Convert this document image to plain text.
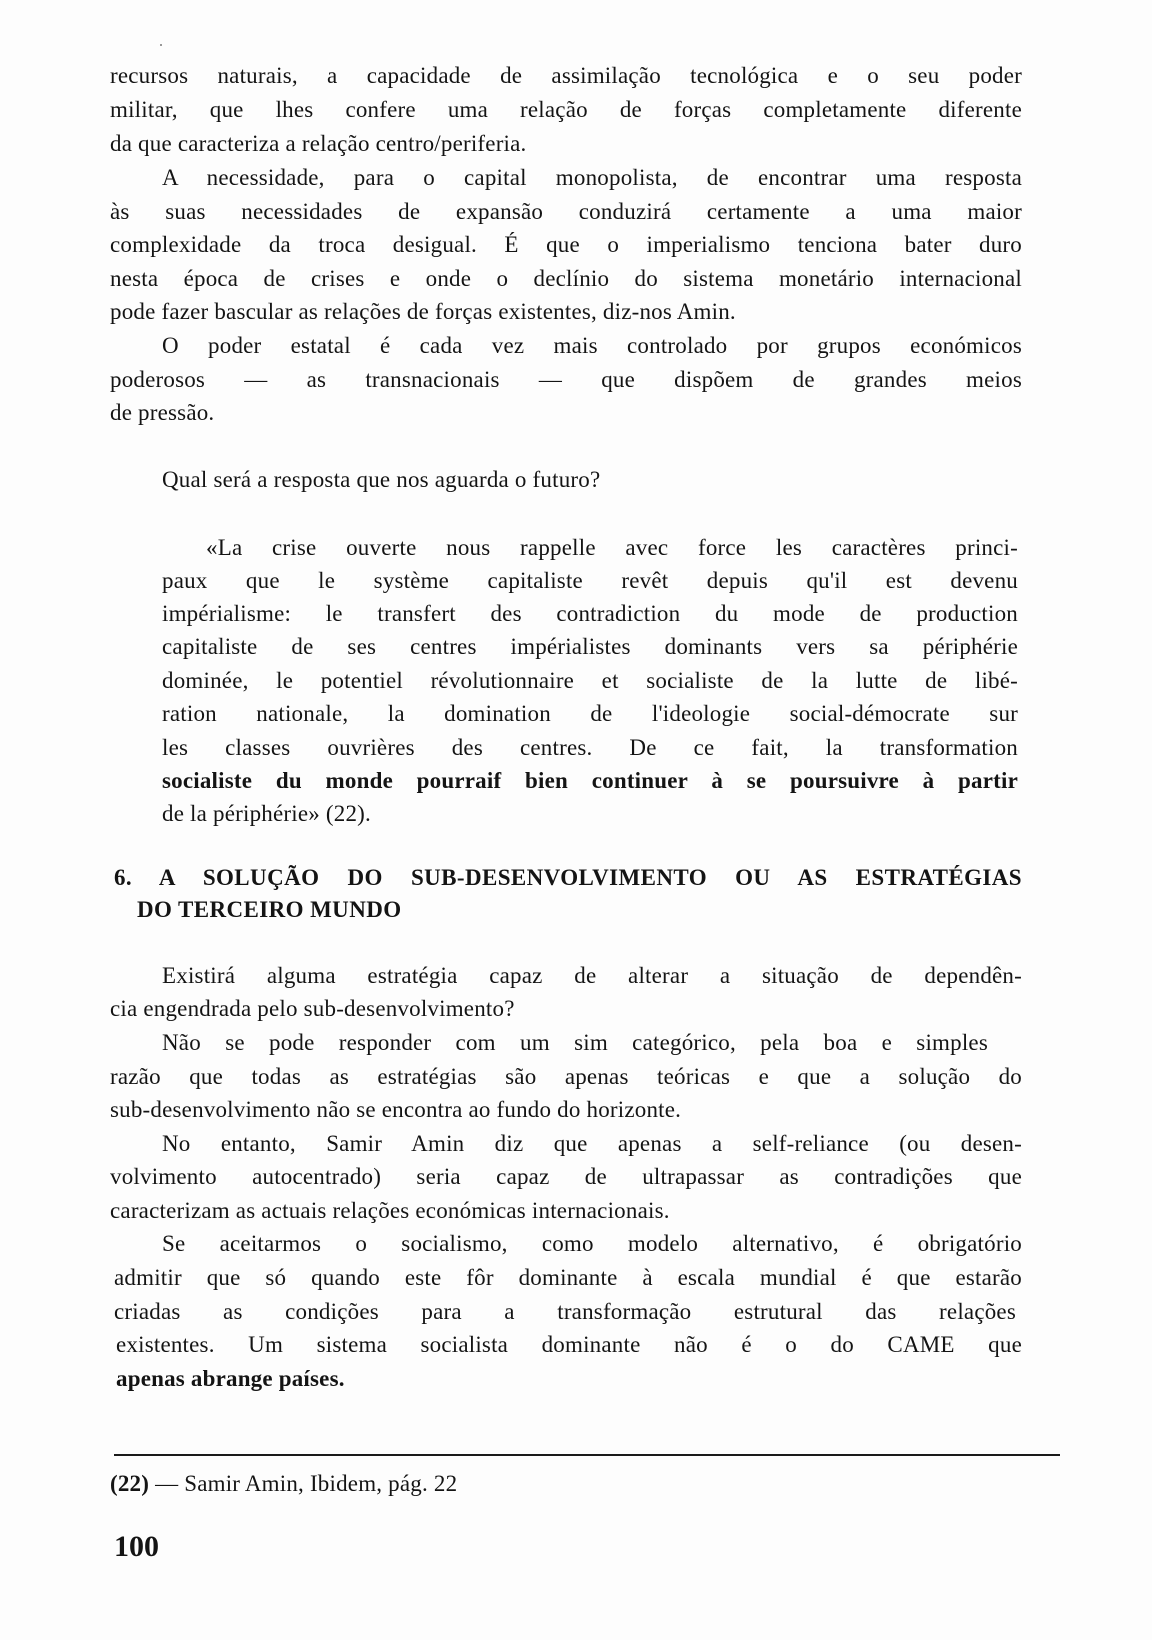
recursos naturais, a capacidade de assimilação tecnológica e o seu poder
militar, que lhes confere uma relação de forças completamente diferente
da que caracteriza a relação centro/periferia.
A necessidade, para o capital monopolista, de encontrar uma resposta
às suas necessidades de expansão conduzirá certamente a uma maior
complexidade da troca desigual. É que o imperialismo tenciona bater duro
nesta época de crises e onde o declínio do sistema monetário internacional
pode fazer bascular as relações de forças existentes, diz-nos Amin.
O poder estatal é cada vez mais controlado por grupos económicos
poderosos — as transnacionais — que dispõem de grandes meios
de pressão.
Qual será a resposta que nos aguarda o futuro?
«La crise ouverte nous rappelle avec force les caractères princi-
paux que le système capitaliste revêt depuis qu'il est devenu
impérialisme: le transfert des contradiction du mode de production
capitaliste de ses centres impérialistes dominants vers sa périphérie
dominée, le potentiel révolutionnaire et socialiste de la lutte de libé-
ration nationale, la domination de l'ideologie social-démocrate sur
les classes ouvrières des centres. De ce fait, la transformation
socialiste du monde pourraif bien continuer à se poursuivre à partir
de la périphérie» (22).
6. A SOLUÇÃO DO SUB-DESENVOLVIMENTO OU AS ESTRATÉGIAS
DO TERCEIRO MUNDO
Existirá alguma estratégia capaz de alterar a situação de dependên-
cia engendrada pelo sub-desenvolvimento?
Não se pode responder com um sim categórico, pela boa e simples
razão que todas as estratégias são apenas teóricas e que a solução do
sub-desenvolvimento não se encontra ao fundo do horizonte.
No entanto, Samir Amin diz que apenas a self-reliance (ou desen-
volvimento autocentrado) seria capaz de ultrapassar as contradições que
caracterizam as actuais relações económicas internacionais.
Se aceitarmos o socialismo, como modelo alternativo, é obrigatório
admitir que só quando este fôr dominante à escala mundial é que estarão
criadas as condições para a transformação estrutural das relações
existentes. Um sistema socialista dominante não é o do CAME que
apenas abrange países.
(22) — Samir Amin, Ibidem, pág. 22
100
